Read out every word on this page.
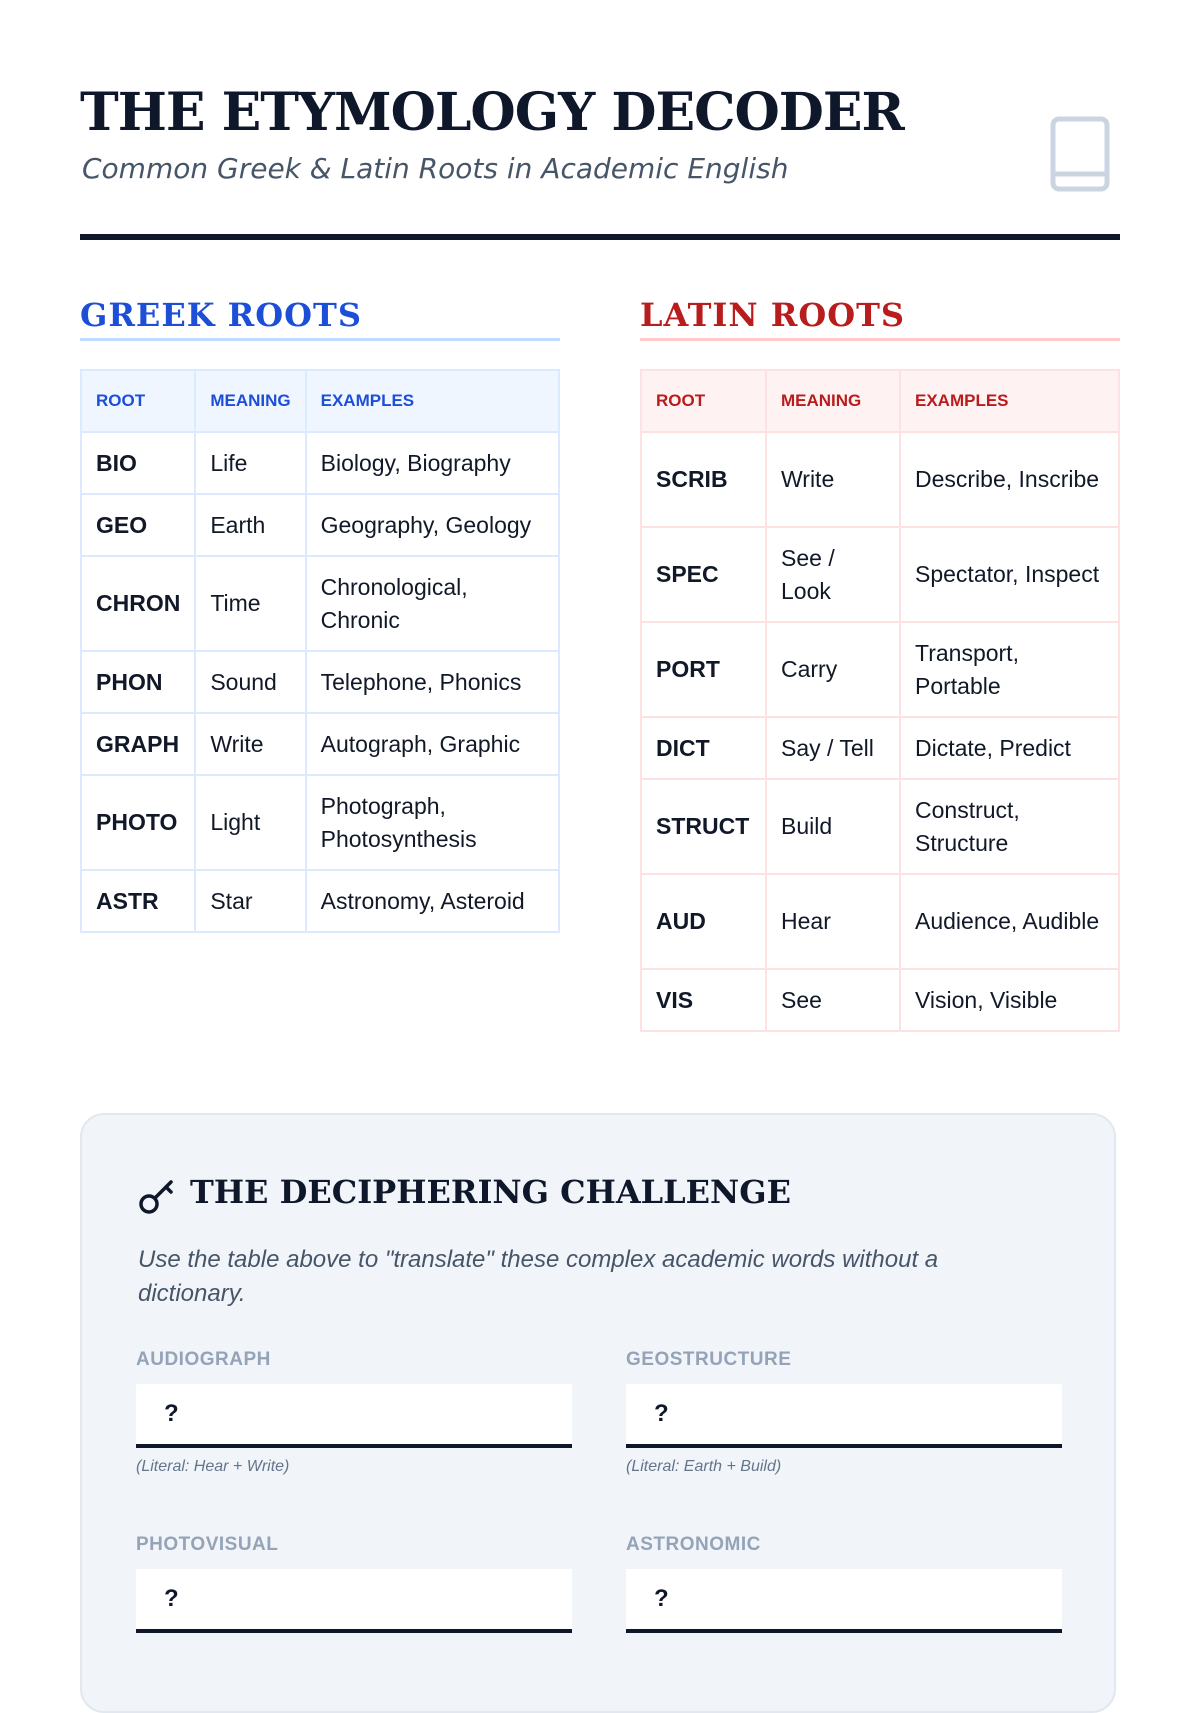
THE ETYMOLOGY DECODER

Common Greek & Latin Roots in Academic English

GREEK ROOTS
ROOT	MEANING	EXAMPLES
BIO	Life	Biology, Biography
GEO	Earth	Geography, Geology
CHRON	Time	Chronological, Chronic
PHON	Sound	Telephone, Phonics
GRAPH	Write	Autograph, Graphic
PHOTO	Light	Photograph, Photosynthesis
ASTR	Star	Astronomy, Asteroid
LATIN ROOTS
ROOT	MEANING	EXAMPLES
SCRIB	Write	Describe, Inscribe
SPEC	See / Look	Spectator, Inspect
PORT	Carry	Transport, Portable
DICT	Say / Tell	Dictate, Predict
STRUCT	Build	Construct, Structure
AUD	Hear	Audience, Audible
VIS	See	Vision, Visible
THE DECIPHERING CHALLENGE

Use the table above to "translate" these complex academic words without a dictionary.

AUDIOGRAPH
?
(Literal: Hear + Write)
GEOSTRUCTURE
?
(Literal: Earth + Build)
PHOTOVISUAL
?	ASTRONOMIC
?
